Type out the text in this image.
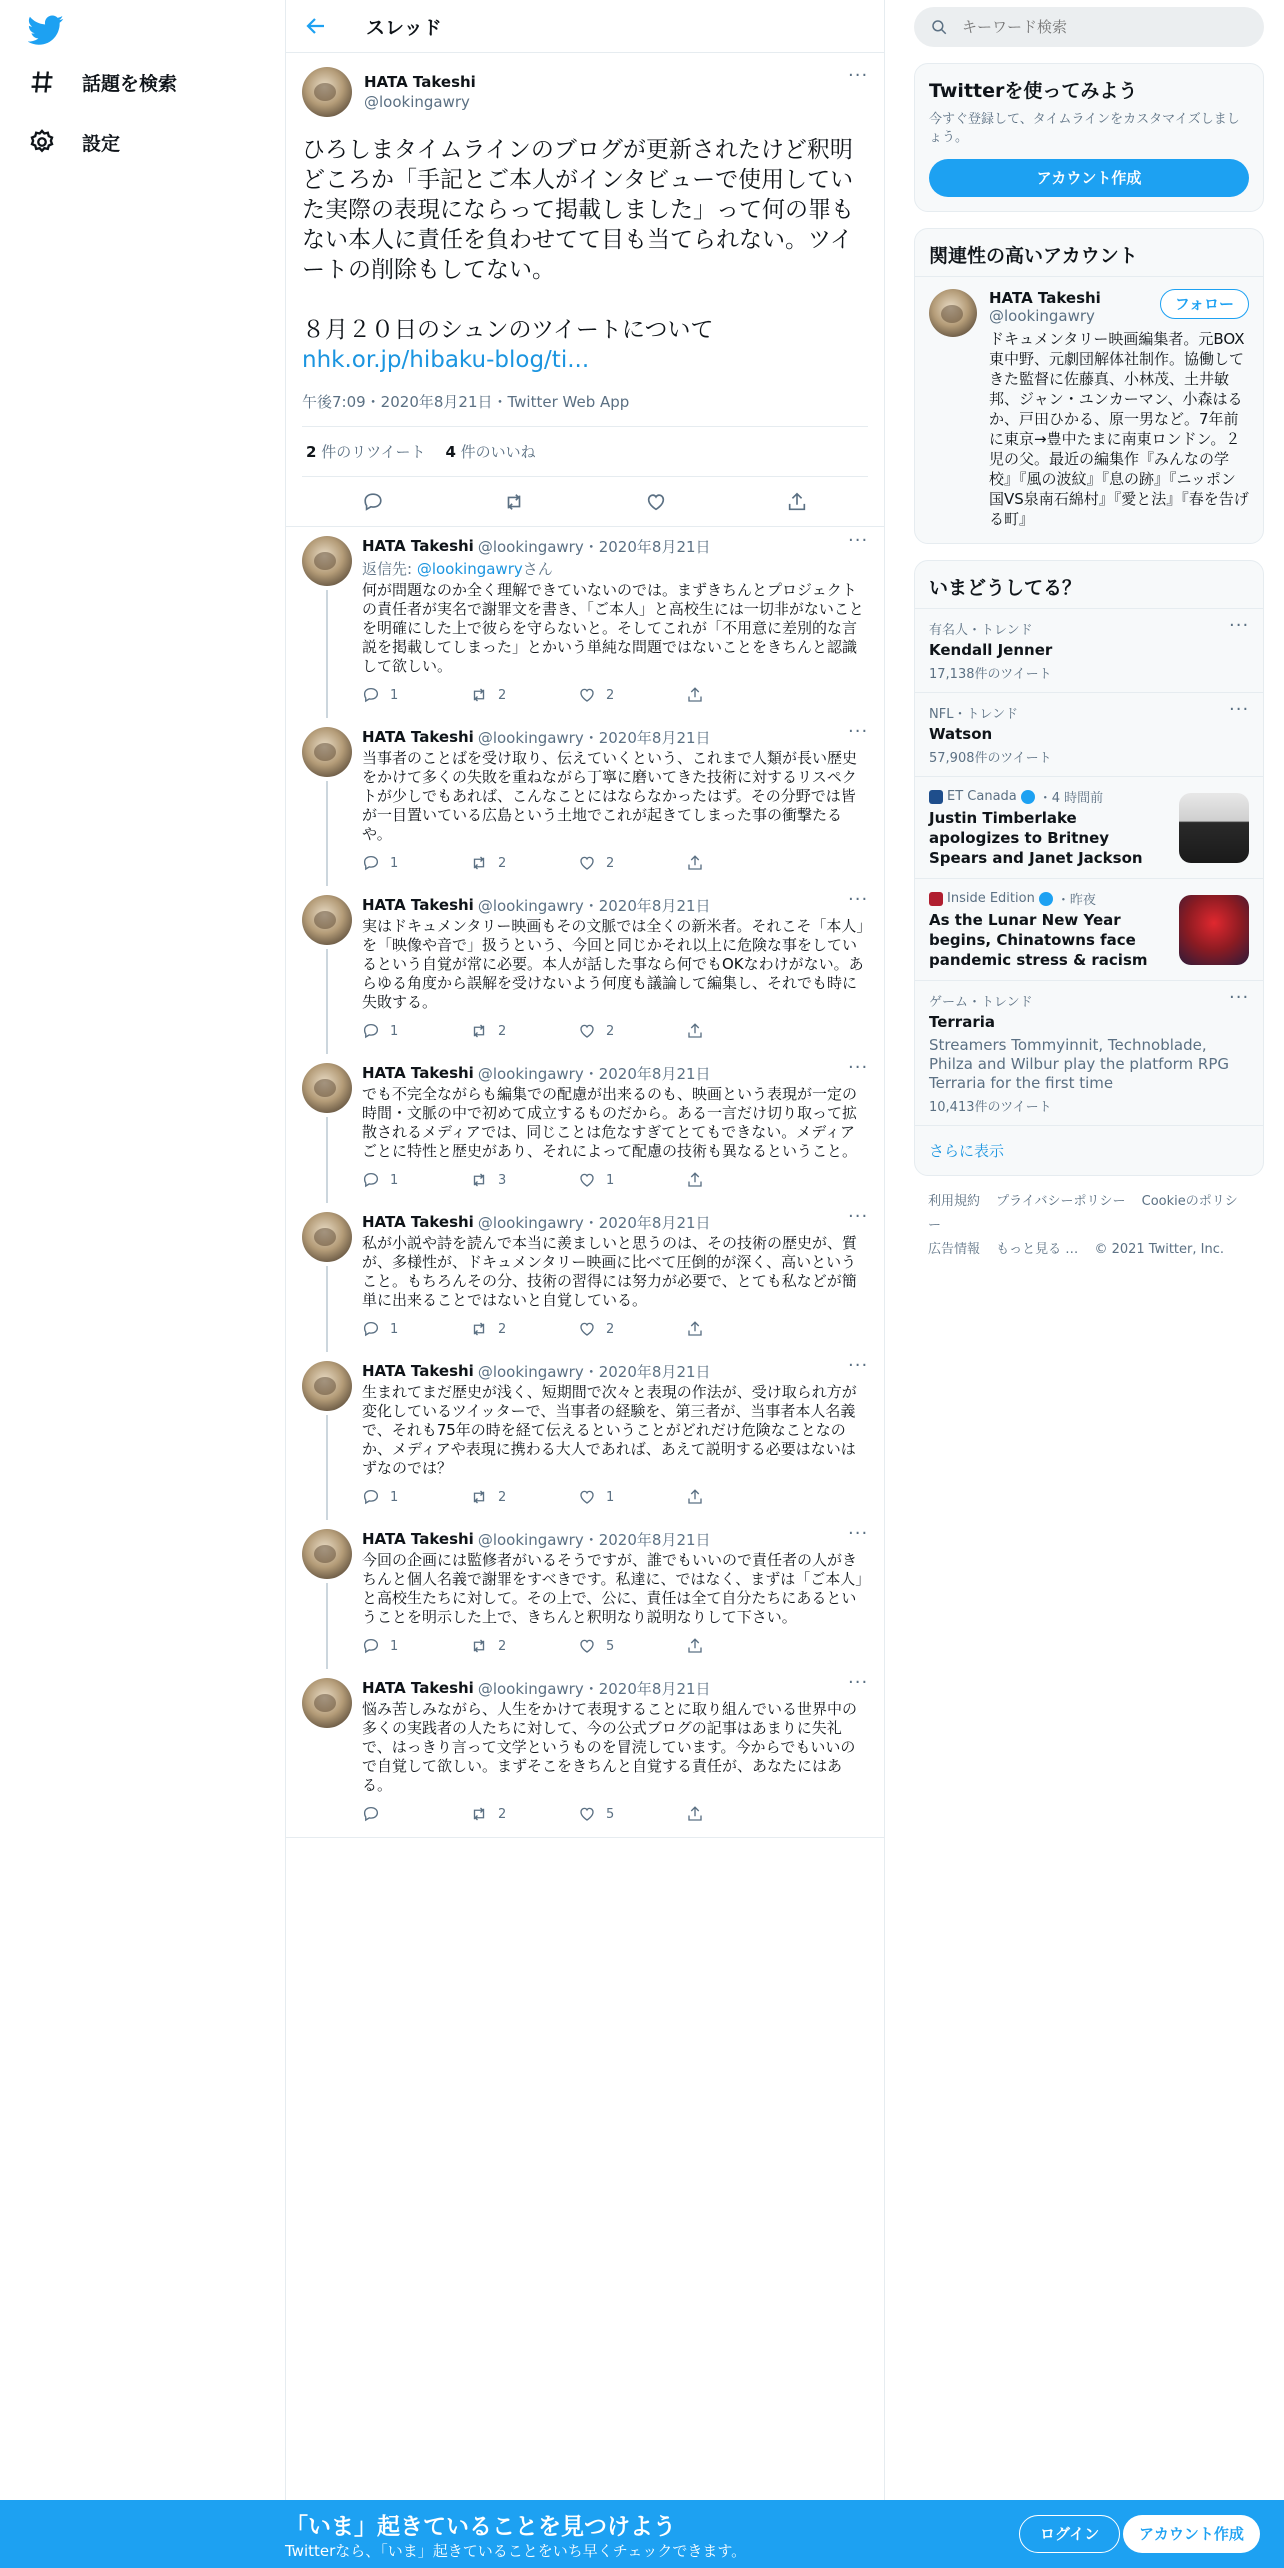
話題を検索
設定
スレッド
HATA Takeshi
@lookingawry
···
ひろしまタイムラインのブログが更新されたけど釈明どころか「手記とご本人がインタビューで使用していた実際の表現にならって掲載しました」って何の罪もない本人に責任を負わせてて目も当てられない。ツイートの削除もしてない。

８月２０日のシュンのツイートについて
nhk.or.jp/hibaku-blog/ti...
午後7:09・2020年8月21日・Twitter Web App
2 件のリツイート 4 件のいいね
HATA Takeshi @lookingawry・2020年8月21日	···
返信先: @lookingawryさん
何が問題なのか全く理解できていないのでは。まずきちんとプロジェクトの責任者が実名で謝罪文を書き、「ご本人」と高校生には一切非がないことを明確にした上で彼らを守らないと。そしてこれが「不用意に差別的な言説を掲載してしまった」とかいう単純な問題ではないことをきちんと認識して欲しい。
1	2	2
HATA Takeshi @lookingawry・2020年8月21日	···
当事者のことばを受け取り、伝えていくという、これまで人類が長い歴史をかけて多くの失敗を重ねながら丁寧に磨いてきた技術に対するリスペクトが少しでもあれば、こんなことにはならなかったはず。その分野では皆が一目置いている広島という土地でこれが起きてしまった事の衝撃たるや。
1	2	2
HATA Takeshi @lookingawry・2020年8月21日	···
実はドキュメンタリー映画もその文脈では全くの新米者。それこそ「本人」を「映像や音で」扱うという、今回と同じかそれ以上に危険な事をしているという自覚が常に必要。本人が話した事なら何でもOKなわけがない。あらゆる角度から誤解を受けないよう何度も議論して編集し、それでも時に失敗する。
1	2	2
HATA Takeshi @lookingawry・2020年8月21日	···
でも不完全ながらも編集での配慮が出来るのも、映画という表現が一定の時間・文脈の中で初めて成立するものだから。ある一言だけ切り取って拡散されるメディアでは、同じことは危なすぎてとてもできない。メディアごとに特性と歴史があり、それによって配慮の技術も異なるということ。
1	3	1
HATA Takeshi @lookingawry・2020年8月21日	···
私が小説や詩を読んで本当に羨ましいと思うのは、その技術の歴史が、質が、多様性が、ドキュメンタリー映画に比べて圧倒的が深く、高いということ。もちろんその分、技術の習得には努力が必要で、とても私などが簡単に出来ることではないと自覚している。
1	2	2
HATA Takeshi @lookingawry・2020年8月21日	···
生まれてまだ歴史が浅く、短期間で次々と表現の作法が、受け取られ方が変化しているツイッターで、当事者の経験を、第三者が、当事者本人名義で、それも75年の時を経て伝えるということがどれだけ危険なことなのか、メディアや表現に携わる大人であれば、あえて説明する必要はないはずなのでは？
1	2	1
HATA Takeshi @lookingawry・2020年8月21日	···
今回の企画には監修者がいるそうですが、誰でもいいので責任者の人がきちんと個人名義で謝罪をすべきです。私達に、ではなく、まずは「ご本人」と高校生たちに対して。その上で、公に、責任は全て自分たちにあるということを明示した上で、きちんと釈明なり説明なりして下さい。
1	2	5
HATA Takeshi @lookingawry・2020年8月21日	···
悩み苦しみながら、人生をかけて表現することに取り組んでいる世界中の多くの実践者の人たちに対して、今の公式ブログの記事はあまりに失礼で、はっきり言って文学というものを冒涜しています。今からでもいいので自覚して欲しい。まずそこをきちんと自覚する責任が、あなたにはある。
2	5
キーワード検索
Twitterを使ってみよう
今すぐ登録して、タイムラインをカスタマイズしましょう。
アカウント作成
関連性の高いアカウント
HATA Takeshi
@lookingawry
ドキュメンタリー映画編集者。元BOX東中野、元劇団解体社制作。協働してきた監督に佐藤真、小林茂、土井敏邦、ジャン・ユンカーマン、小森はるか、戸田ひかる、原一男など。7年前に東京→豊中たまに南東ロンドン。２児の父。最近の編集作『みんなの学校』『風の波紋』『息の跡』『ニッポン国VS泉南石綿村』『愛と法』『春を告げる町』
フォロー
いまどうしてる？
有名人・トレンド
Kendall Jenner
17,138件のツイート
···
NFL・トレンド
Watson
57,908件のツイート
···
ET Canada ・4 時間前
Justin Timberlake apologizes to Britney Spears and Janet Jackson
Inside Edition ・昨夜
As the Lunar New Year begins, Chinatowns face pandemic stress & racism
ゲーム・トレンド
Terraria
Streamers Tommyinnit, Technoblade, Philza and Wilbur play the platform RPG Terraria for the first time
10,413件のツイート
···
さらに表示
利用規約 プライバシーポリシー Cookieのポリシー
広告情報 もっと見る … © 2021 Twitter, Inc.
「いま」起きていることを見つけよう
Twitterなら、「いま」起きていることをいち早くチェックできます。
ログイン	アカウント作成
